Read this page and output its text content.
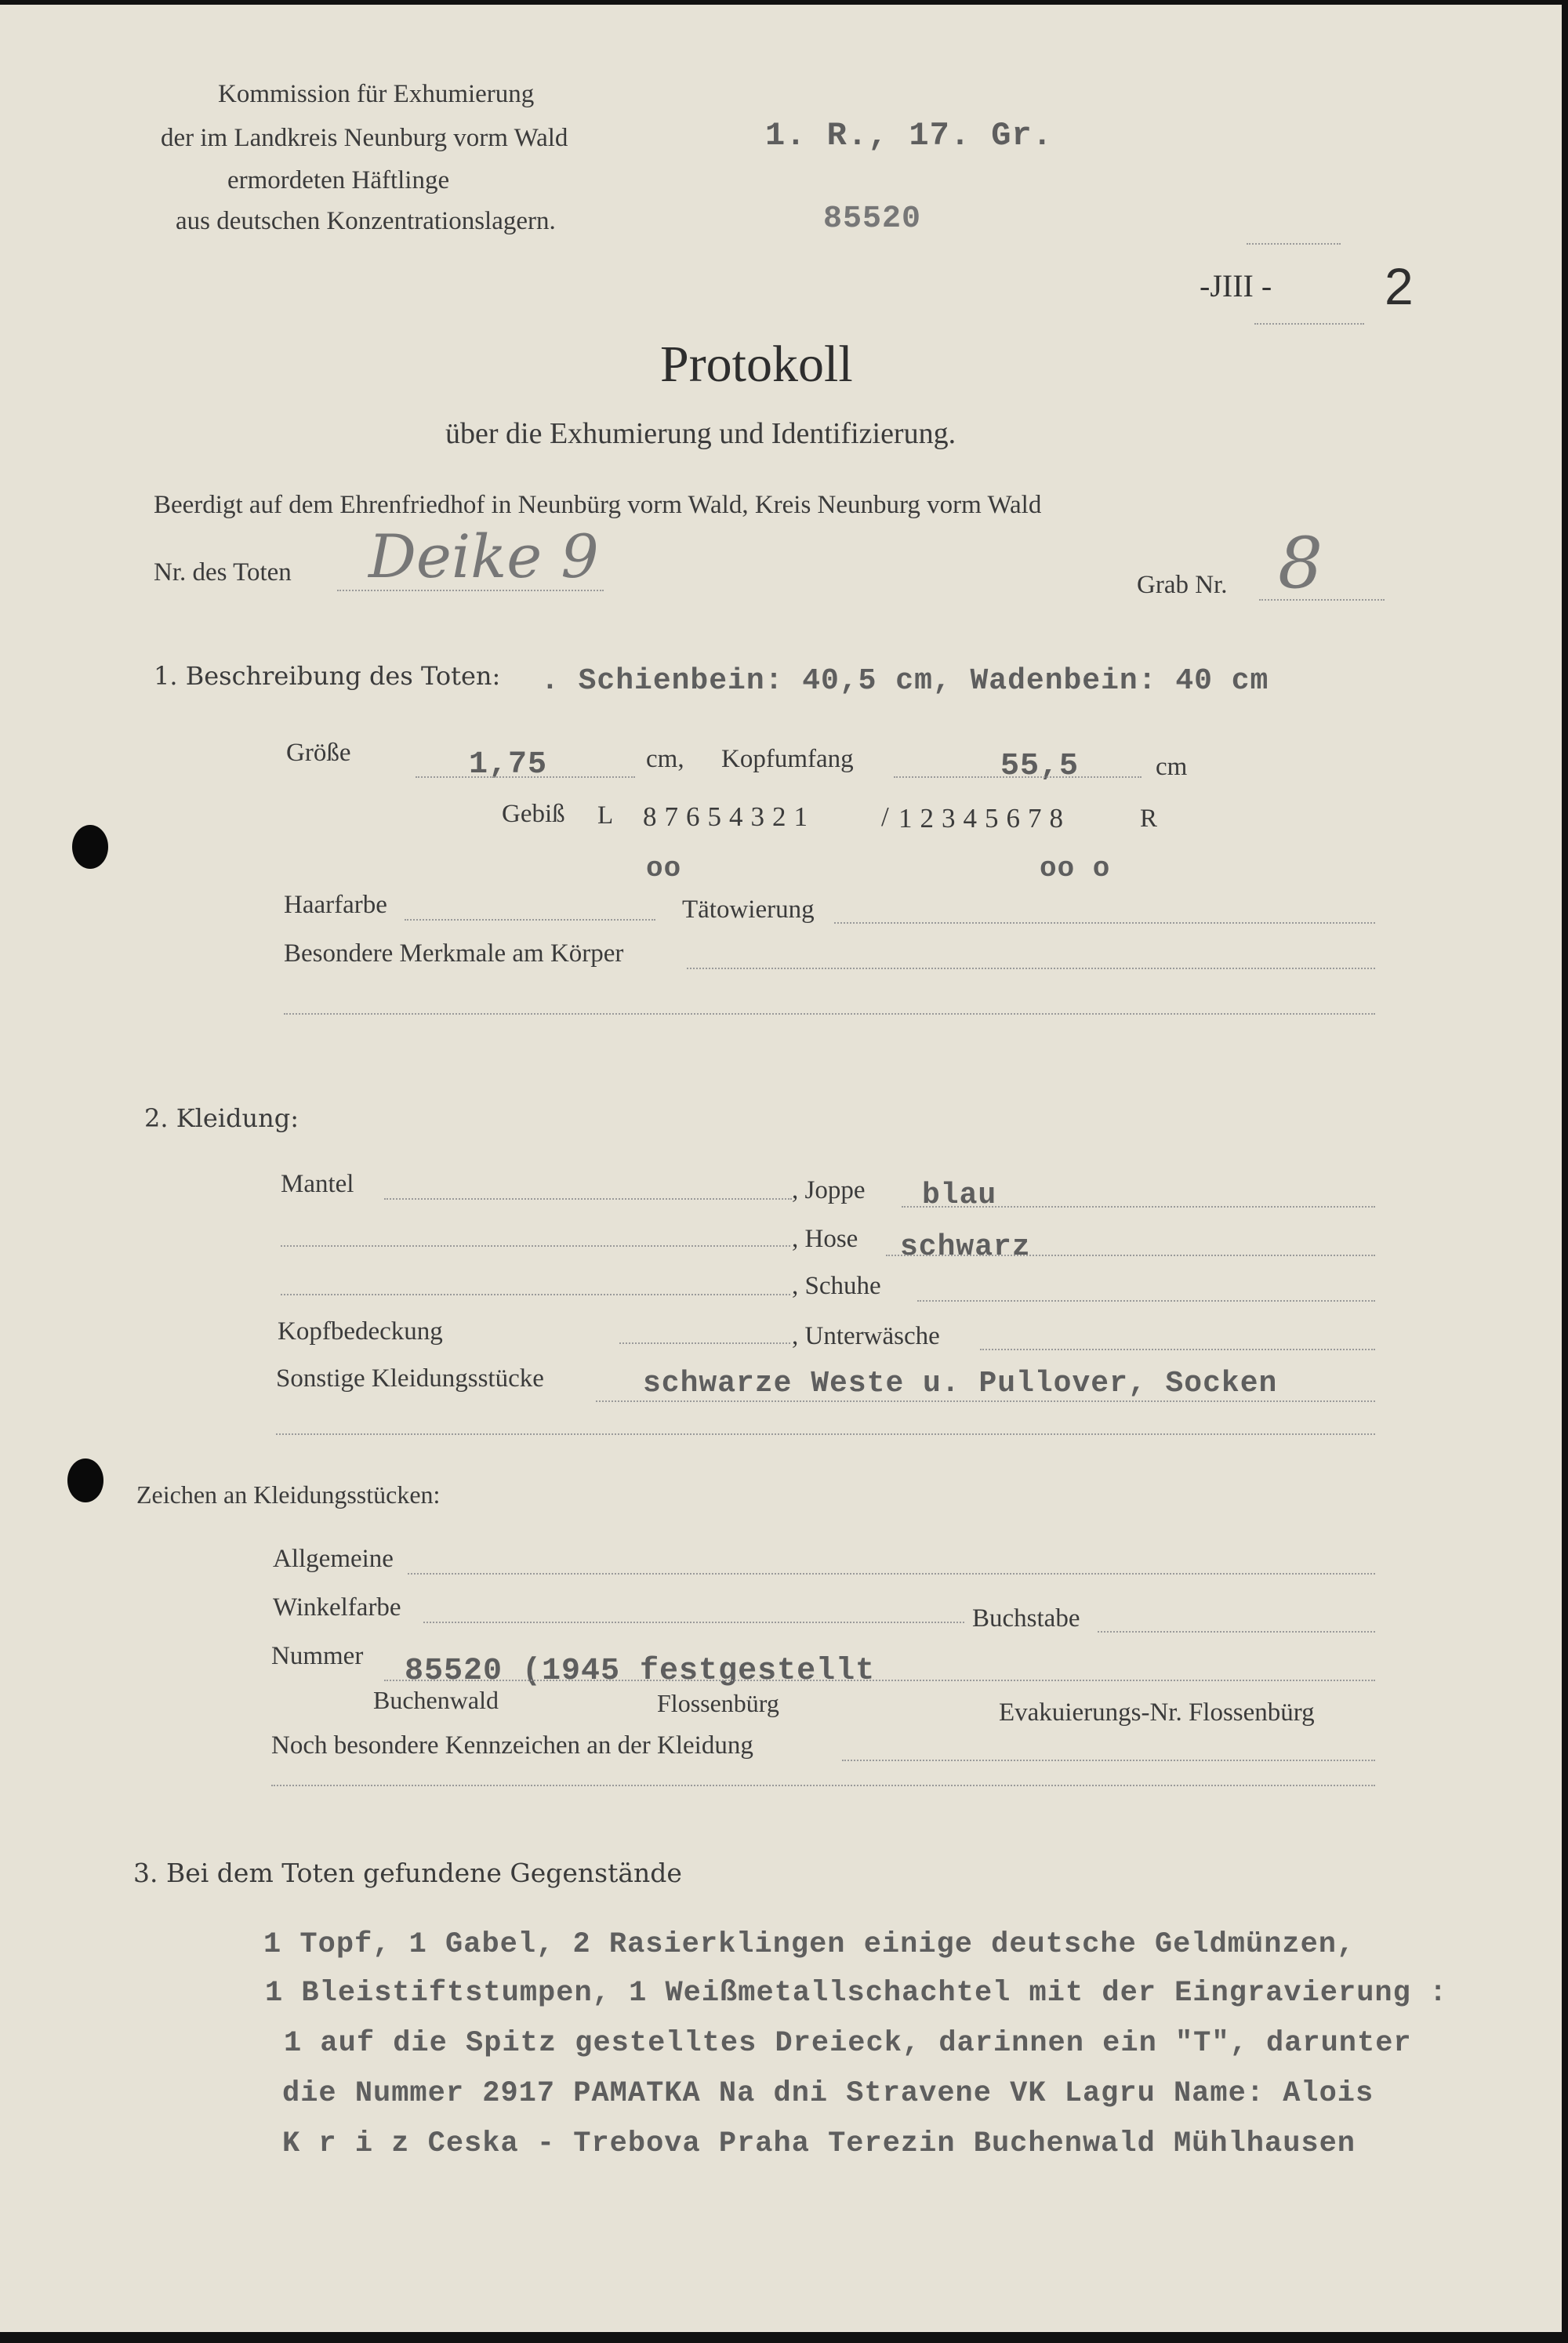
Kommission für Exhumierung
der im Landkreis Neunburg vorm Wald
ermordeten Häftlinge
aus deutschen Konzentrationslagern.
1. R., 17. Gr.
85520
-JIII - 2
Protokoll
über die Exhumierung und Identifizierung.
Beerdigt auf dem Ehrenfriedhof in Neunbürg vorm Wald, Kreis Neunburg vorm Wald
Nr. des Toten Deike 9	Grab Nr. 8
1. Beschreibung des Toten: . Schienbein: 40,5 cm, Wadenbein: 40 cm
Größe	1,75	cm, Kopfumfang	55,5	cm
Gebiß L 87654321 / 12345678	R
oo	oo o
Haarfarbe	Tätowierung
Besondere Merkmale am Körper
2. Kleidung:
Mantel	, Joppe blau
, Hose schwarz
, Schuhe
Kopfbedeckung	, Unterwäsche
Sonstige Kleidungsstücke	schwarze Weste u. Pullover, Socken
Zeichen an Kleidungsstücken:
Allgemeine
Winkelfarbe	Buchstabe
Nummer 85520 (1945 festgestellt
Buchenwald	Flossenbürg	Evakuierungs-Nr. Flossenbürg
Noch besondere Kennzeichen an der Kleidung
3. Bei dem Toten gefundene Gegenstände
1 Topf, 1 Gabel, 2 Rasierklingen einige deutsche Geldmünzen,
1 Bleistiftstumpen, 1 Weißmetallschachtel mit der Eingravierung :
1 auf die Spitz gestelltes Dreieck, darinnen ein "T", darunter
die Nummer 2917 PAMATKA Na dni Stravene VK Lagru Name: Alois
K r i z Ceska - Trebova Praha Terezin Buchenwald Mühlhausen
